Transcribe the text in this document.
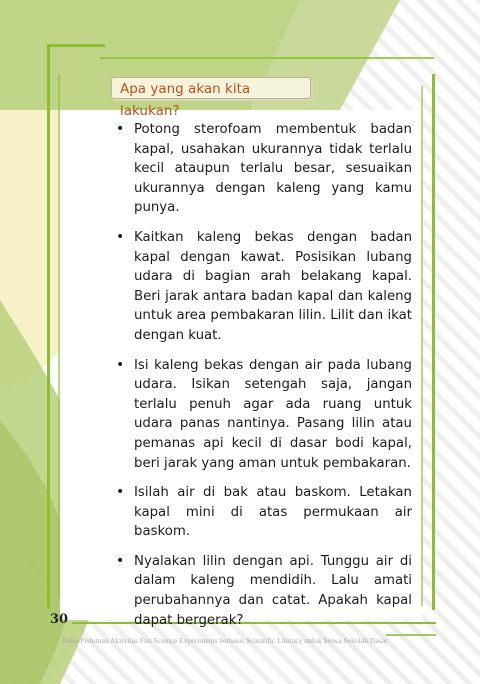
Apa yang akan kita lakukan?
• Potong sterofoam membentuk badan kapal, usahakan ukurannya tidak terlalu kecil ataupun terlalu besar, sesuaikan ukurannya dengan kaleng yang kamu punya.
• Kaitkan kaleng bekas dengan badan kapal dengan kawat. Posisikan lubang udara di bagian arah belakang kapal. Beri jarak antara badan kapal dan kaleng untuk area pembakaran lilin. Lilit dan ikat dengan kuat.
• Isi kaleng bekas dengan air pada lubang udara. Isikan setengah saja, jangan terlalu penuh agar ada ruang untuk udara panas nantinya. Pasang lilin atau pemanas api kecil di dasar bodi kapal, beri jarak yang aman untuk pembakaran.
• Isilah air di bak atau baskom. Letakan kapal mini di atas permukaan air baskom.
• Nyalakan lilin dengan api. Tunggu air di dalam kaleng mendidih. Lalu amati perubahannya dan catat. Apakah kapal dapat bergerak?
30
Buku Pedoman Aktivitas Fun Science Experiments berbasis Scientific Literacy untuk Siswa Sekolah Dasar
